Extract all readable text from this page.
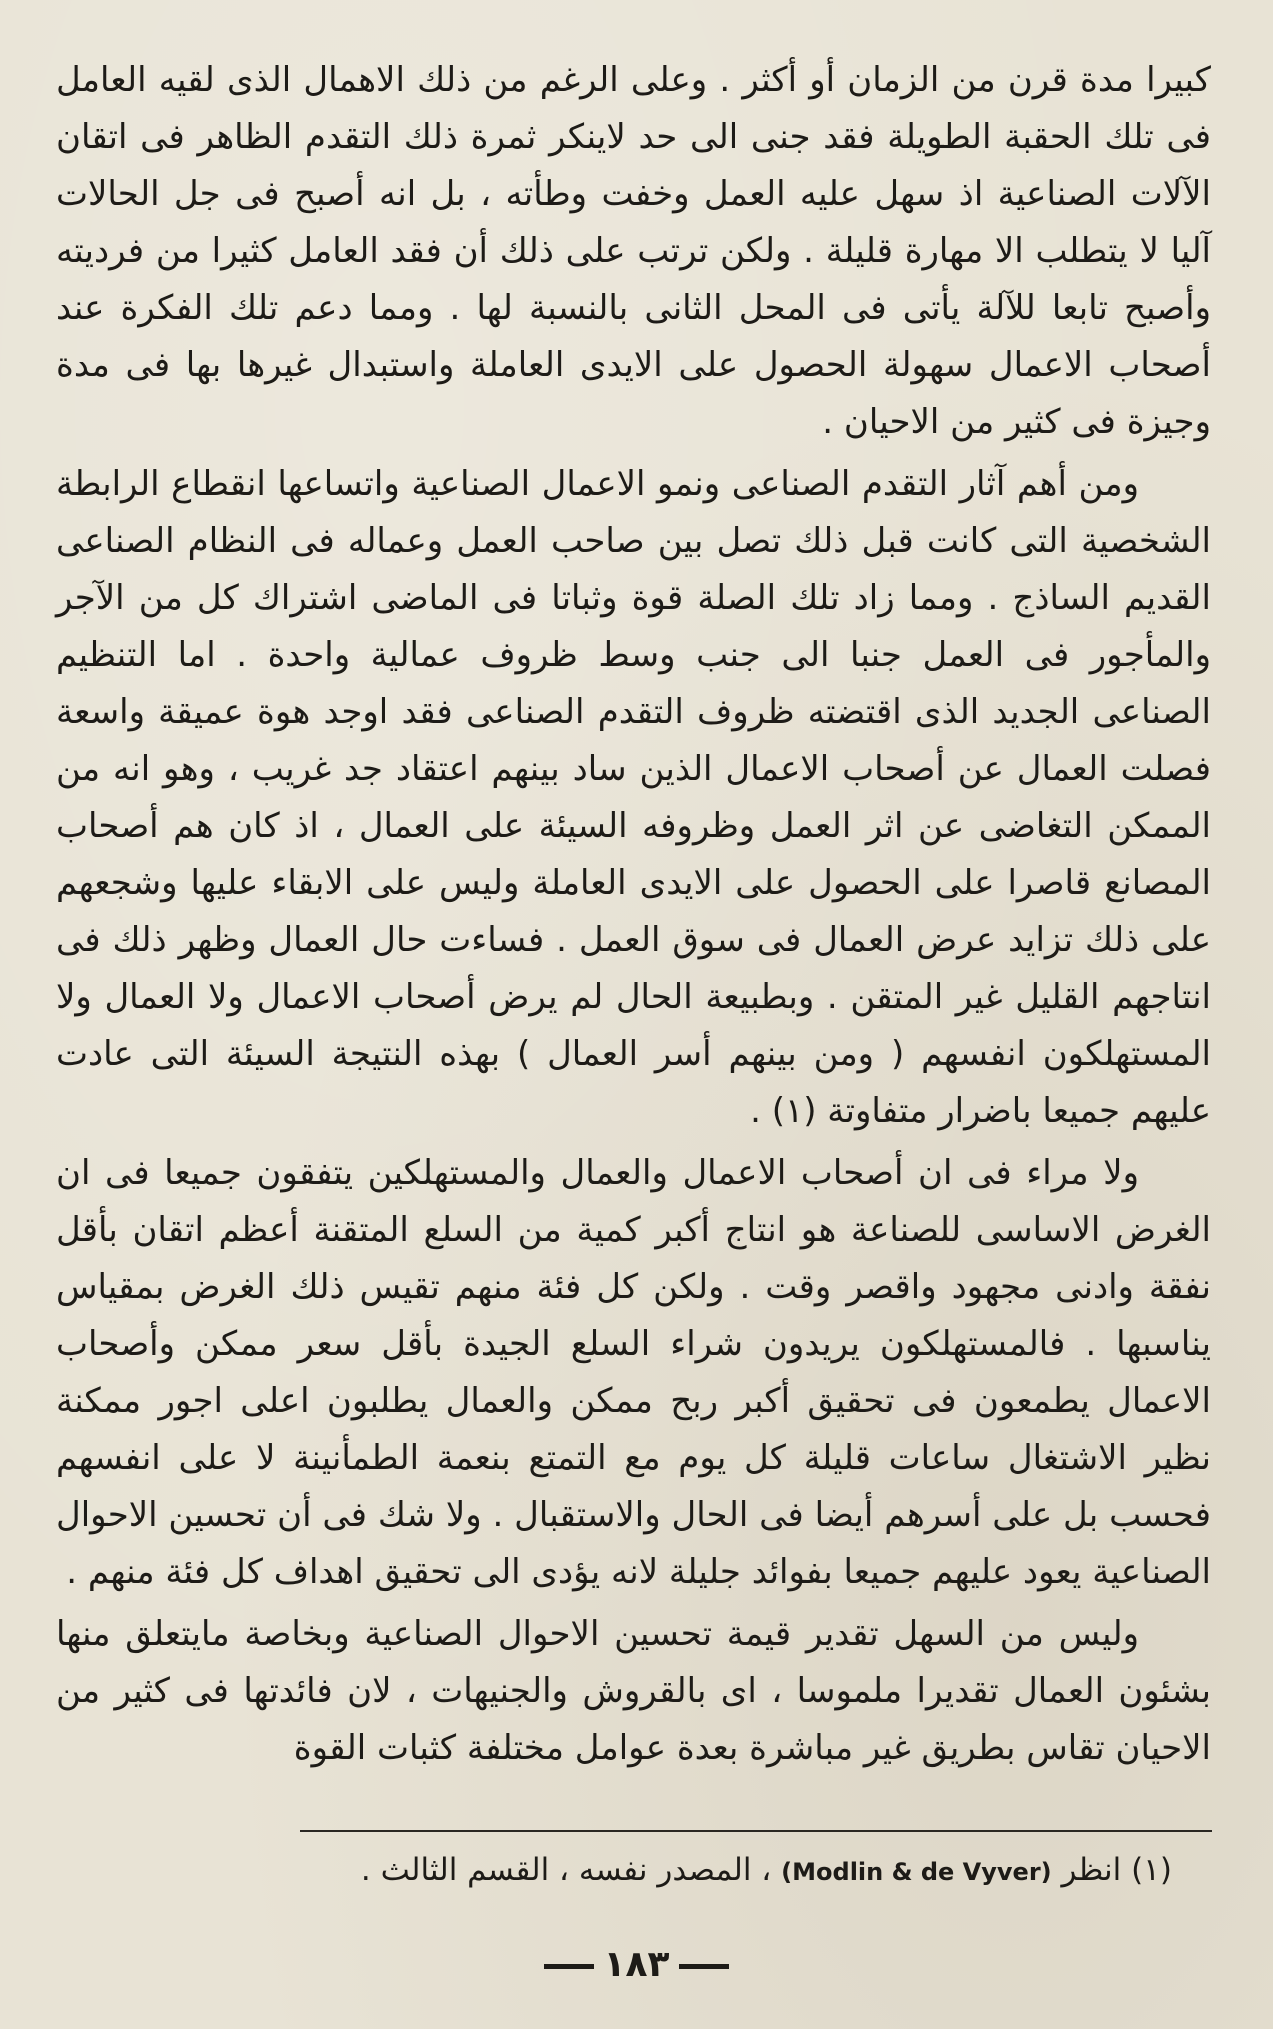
كبيرا مدة قرن من الزمان أو أكثر . وعلى الرغم من ذلك الاهمال الذى لقيه العامل فى تلك الحقبة الطويلة فقد جنى الى حد لاينكر ثمرة ذلك التقدم الظاهر فى اتقان الآلات الصناعية اذ سهل عليه العمل وخفت وطأته ، بل انه أصبح فى جل الحالات آليا لا يتطلب الا مهارة قليلة . ولكن ترتب على ذلك أن فقد العامل كثيرا من فرديته وأصبح تابعا للآلة يأتى فى المحل الثانى بالنسبة لها . ومما دعم تلك الفكرة عند أصحاب الاعمال سهولة الحصول على الايدى العاملة واستبدال غيرها بها فى مدة وجيزة فى كثير من الاحيان .

ومن أهم آثار التقدم الصناعى ونمو الاعمال الصناعية واتساعها انقطاع الرابطة الشخصية التى كانت قبل ذلك تصل بين صاحب العمل وعماله فى النظام الصناعى القديم الساذج . ومما زاد تلك الصلة قوة وثباتا فى الماضى اشتراك كل من الآجر والمأجور فى العمل جنبا الى جنب وسط ظروف عمالية واحدة . اما التنظيم الصناعى الجديد الذى اقتضته ظروف التقدم الصناعى فقد اوجد هوة عميقة واسعة فصلت العمال عن أصحاب الاعمال الذين ساد بينهم اعتقاد جد غريب ، وهو انه من الممكن التغاضى عن اثر العمل وظروفه السيئة على العمال ، اذ كان هم أصحاب المصانع قاصرا على الحصول على الايدى العاملة وليس على الابقاء عليها وشجعهم على ذلك تزايد عرض العمال فى سوق العمل . فساءت حال العمال وظهر ذلك فى انتاجهم القليل غير المتقن . وبطبيعة الحال لم يرض أصحاب الاعمال ولا العمال ولا المستهلكون انفسهم ( ومن بينهم أسر العمال ) بهذه النتيجة السيئة التى عادت عليهم جميعا باضرار متفاوتة (١) .

ولا مراء فى ان أصحاب الاعمال والعمال والمستهلكين يتفقون جميعا فى ان الغرض الاساسى للصناعة هو انتاج أكبر كمية من السلع المتقنة أعظم اتقان بأقل نفقة وادنى مجهود واقصر وقت . ولكن كل فئة منهم تقيس ذلك الغرض بمقياس يناسبها . فالمستهلكون يريدون شراء السلع الجيدة بأقل سعر ممكن وأصحاب الاعمال يطمعون فى تحقيق أكبر ربح ممكن والعمال يطلبون اعلى اجور ممكنة نظير الاشتغال ساعات قليلة كل يوم مع التمتع بنعمة الطمأنينة لا على انفسهم فحسب بل على أسرهم أيضا فى الحال والاستقبال . ولا شك فى أن تحسين الاحوال الصناعية يعود عليهم جميعا بفوائد جليلة لانه يؤدى الى تحقيق اهداف كل فئة منهم .

وليس من السهل تقدير قيمة تحسين الاحوال الصناعية وبخاصة مايتعلق منها بشئون العمال تقديرا ملموسا ، اى بالقروش والجنيهات ، لان فائدتها فى كثير من الاحيان تقاس بطريق غير مباشرة بعدة عوامل مختلفة كثبات القوة

(١) انظر (Modlin & de Vyver) ، المصدر نفسه ، القسم الثالث .
١٨٣
